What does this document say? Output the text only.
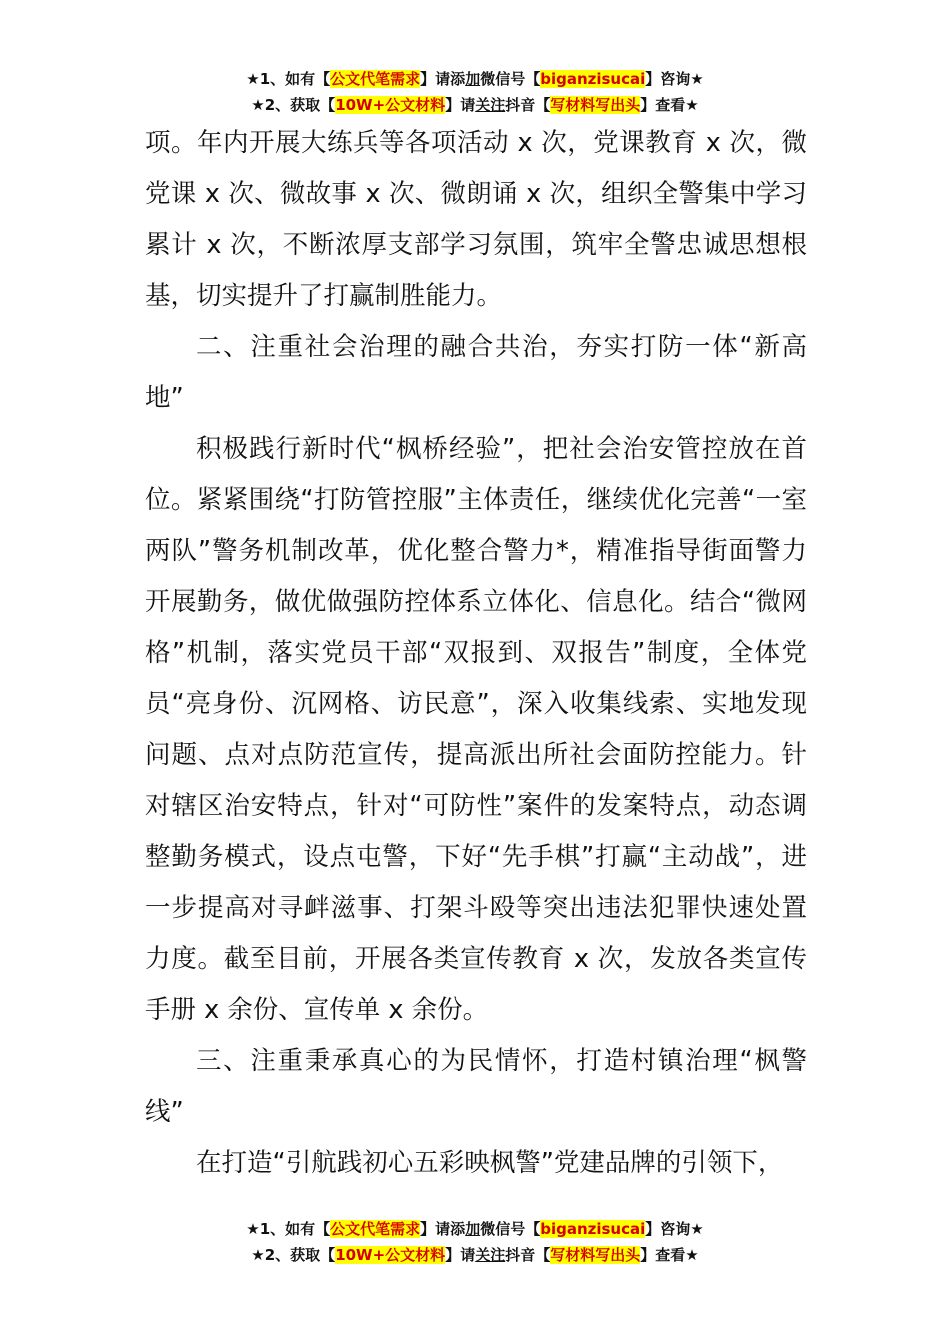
★1、如有【公文代笔需求】请添加微信号【biganzisucai】咨询★
★2、获取【10W+公文材料】请关注抖音【写材料写出头】查看★

项。年内开展大练兵等各项活动 x 次，党课教育 x 次，微党课 x 次、微故事 x 次、微朗诵 x 次，组织全警集中学习累计 x 次，不断浓厚支部学习氛围，筑牢全警忠诚思想根基，切实提升了打赢制胜能力。

二、注重社会治理的融合共治，夯实打防一体“新高地”

积极践行新时代“枫桥经验”，把社会治安管控放在首位。紧紧围绕“打防管控服”主体责任，继续优化完善“一室两队”警务机制改革，优化整合警力*，精准指导街面警力开展勤务，做优做强防控体系立体化、信息化。结合“微网格”机制，落实党员干部“双报到、双报告”制度，全体党员“亮身份、沉网格、访民意”，深入收集线索、实地发现问题、点对点防范宣传，提高派出所社会面防控能力。针对辖区治安特点，针对“可防性”案件的发案特点，动态调整勤务模式，设点屯警，下好“先手棋”打赢“主动战”，进一步提高对寻衅滋事、打架斗殴等突出违法犯罪快速处置力度。截至目前，开展各类宣传教育 x 次，发放各类宣传手册 x 余份、宣传单 x 余份。

三、注重秉承真心的为民情怀，打造村镇治理“枫警线”

在打造“引航践初心五彩映枫警”党建品牌的引领下，

★1、如有【公文代笔需求】请添加微信号【biganzisucai】咨询★
★2、获取【10W+公文材料】请关注抖音【写材料写出头】查看★
